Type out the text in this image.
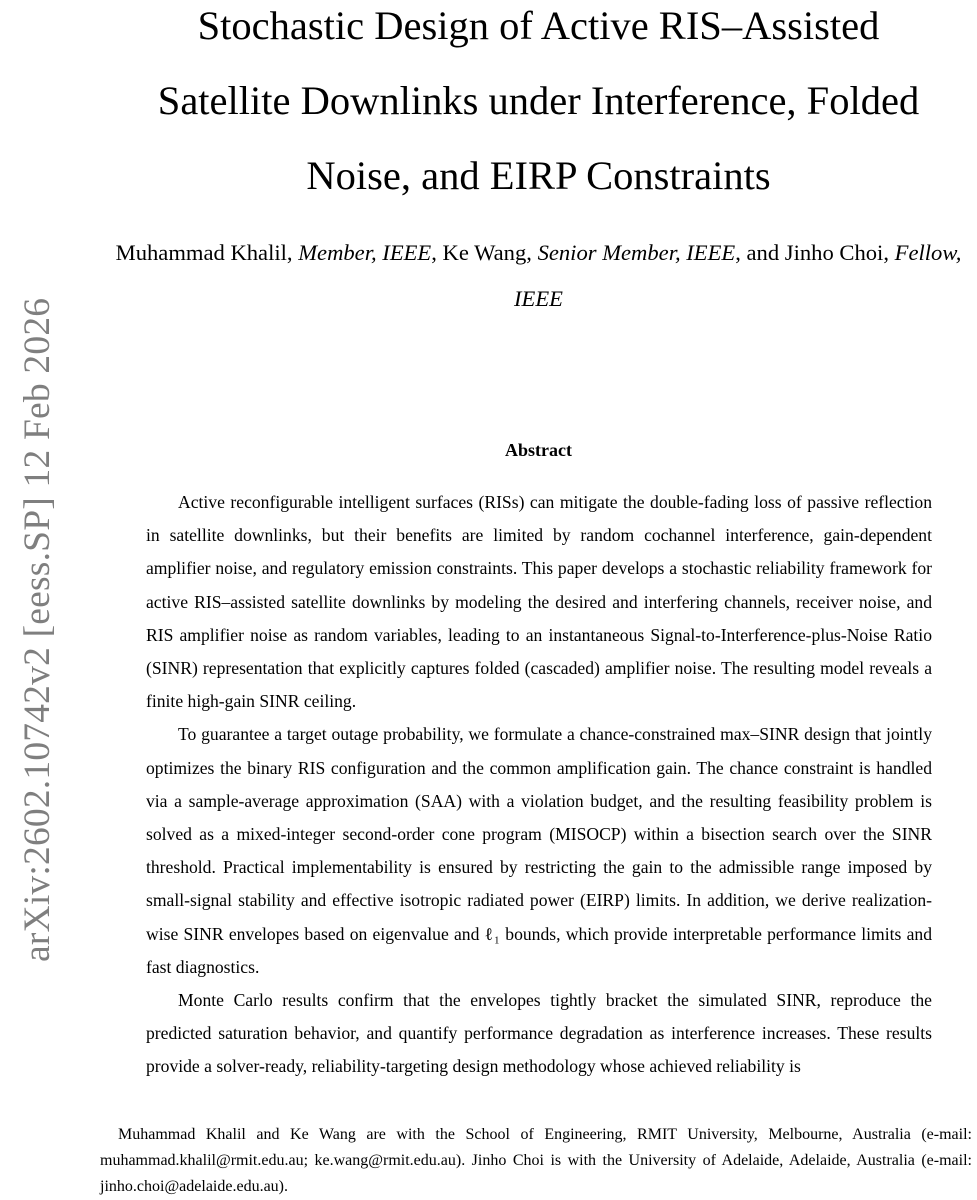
arXiv:2602.10742v2 [eess.SP] 12 Feb 2026
Stochastic Design of Active RIS–Assisted
Satellite Downlinks under Interference, Folded
Noise, and EIRP Constraints
Muhammad Khalil, Member, IEEE, Ke Wang, Senior Member, IEEE, and Jinho Choi, Fellow, IEEE
Abstract

Active reconfigurable intelligent surfaces (RISs) can mitigate the double-fading loss of passive reflection in satellite downlinks, but their benefits are limited by random cochannel interference, gain-dependent amplifier noise, and regulatory emission constraints. This paper develops a stochastic reliability framework for active RIS–assisted satellite downlinks by modeling the desired and interfering channels, receiver noise, and RIS amplifier noise as random variables, leading to an instantaneous Signal-to-Interference-plus-Noise Ratio (SINR) representation that explicitly captures folded (cascaded) amplifier noise. The resulting model reveals a finite high-gain SINR ceiling.

To guarantee a target outage probability, we formulate a chance-constrained max–SINR design that jointly optimizes the binary RIS configuration and the common amplification gain. The chance constraint is handled via a sample-average approximation (SAA) with a violation budget, and the resulting feasibility problem is solved as a mixed-integer second-order cone program (MISOCP) within a bisection search over the SINR threshold. Practical implementability is ensured by restricting the gain to the admissible range imposed by small-signal stability and effective isotropic radiated power (EIRP) limits. In addition, we derive realization-wise SINR envelopes based on eigenvalue and ℓ₁ bounds, which provide interpretable performance limits and fast diagnostics.

Monte Carlo results confirm that the envelopes tightly bracket the simulated SINR, reproduce the predicted saturation behavior, and quantify performance degradation as interference increases. These results provide a solver-ready, reliability-targeting design methodology whose achieved reliability is

Muhammad Khalil and Ke Wang are with the School of Engineering, RMIT University, Melbourne, Australia (e-mail: muhammad.khalil@rmit.edu.au; ke.wang@rmit.edu.au). Jinho Choi is with the University of Adelaide, Adelaide, Australia (e-mail: jinho.choi@adelaide.edu.au).
